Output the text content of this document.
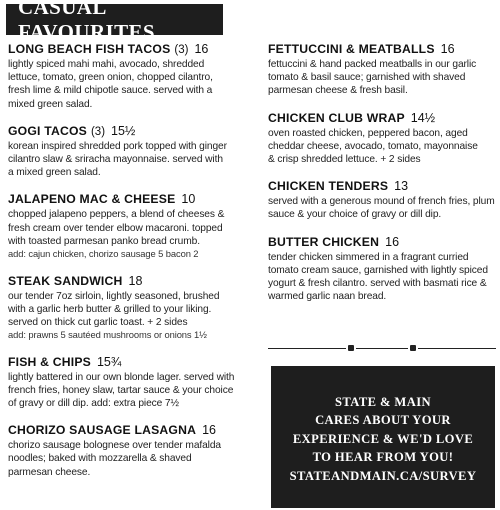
CASUAL FAVOURITES
LONG BEACH FISH TACOS (3) 16
lightly spiced mahi mahi, avocado, shredded
lettuce, tomato, green onion, chopped cilantro,
fresh lime & mild chipotle sauce. served with a
mixed green salad.
GOGI TACOS (3) 15½
korean inspired shredded pork topped with ginger
cilantro slaw & sriracha mayonnaise. served with
a mixed green salad.
JALAPENO MAC & CHEESE 10
chopped jalapeno peppers, a blend of cheeses &
fresh cream over tender elbow macaroni. topped
with toasted parmesan panko bread crumb.
add: cajun chicken, chorizo sausage 5 bacon 2
STEAK SANDWICH 18
our tender 7oz sirloin, lightly seasoned, brushed
with a garlic herb butter & grilled to your liking.
served on thick cut garlic toast. + 2 sides
add: prawns 5 sautéed mushrooms or onions 1½
FISH & CHIPS 15¾
lightly battered in our own blonde lager. served with
french fries, honey slaw, tartar sauce & your choice
of gravy or dill dip. add: extra piece 7½
CHORIZO SAUSAGE LASAGNA 16
chorizo sausage bolognese over tender mafalda
noodles; baked with mozzarella & shaved
parmesan cheese.
FETTUCCINI & MEATBALLS 16
fettuccini & hand packed meatballs in our garlic
tomato & basil sauce; garnished with shaved
parmesan cheese & fresh basil.
CHICKEN CLUB WRAP 14½
oven roasted chicken, peppered bacon, aged
cheddar cheese, avocado, tomato, mayonnaise
& crisp shredded lettuce. + 2 sides
CHICKEN TENDERS 13
served with a generous mound of french fries, plum
sauce & your choice of gravy or dill dip.
BUTTER CHICKEN 16
tender chicken simmered in a fragrant curried
tomato cream sauce, garnished with lightly spiced
yogurt & fresh cilantro. served with basmati rice &
warmed garlic naan bread.
STATE & MAIN
CARES ABOUT YOUR
EXPERIENCE & WE'D LOVE
TO HEAR FROM YOU!
STATEANDMAIN.CA/SURVEY
